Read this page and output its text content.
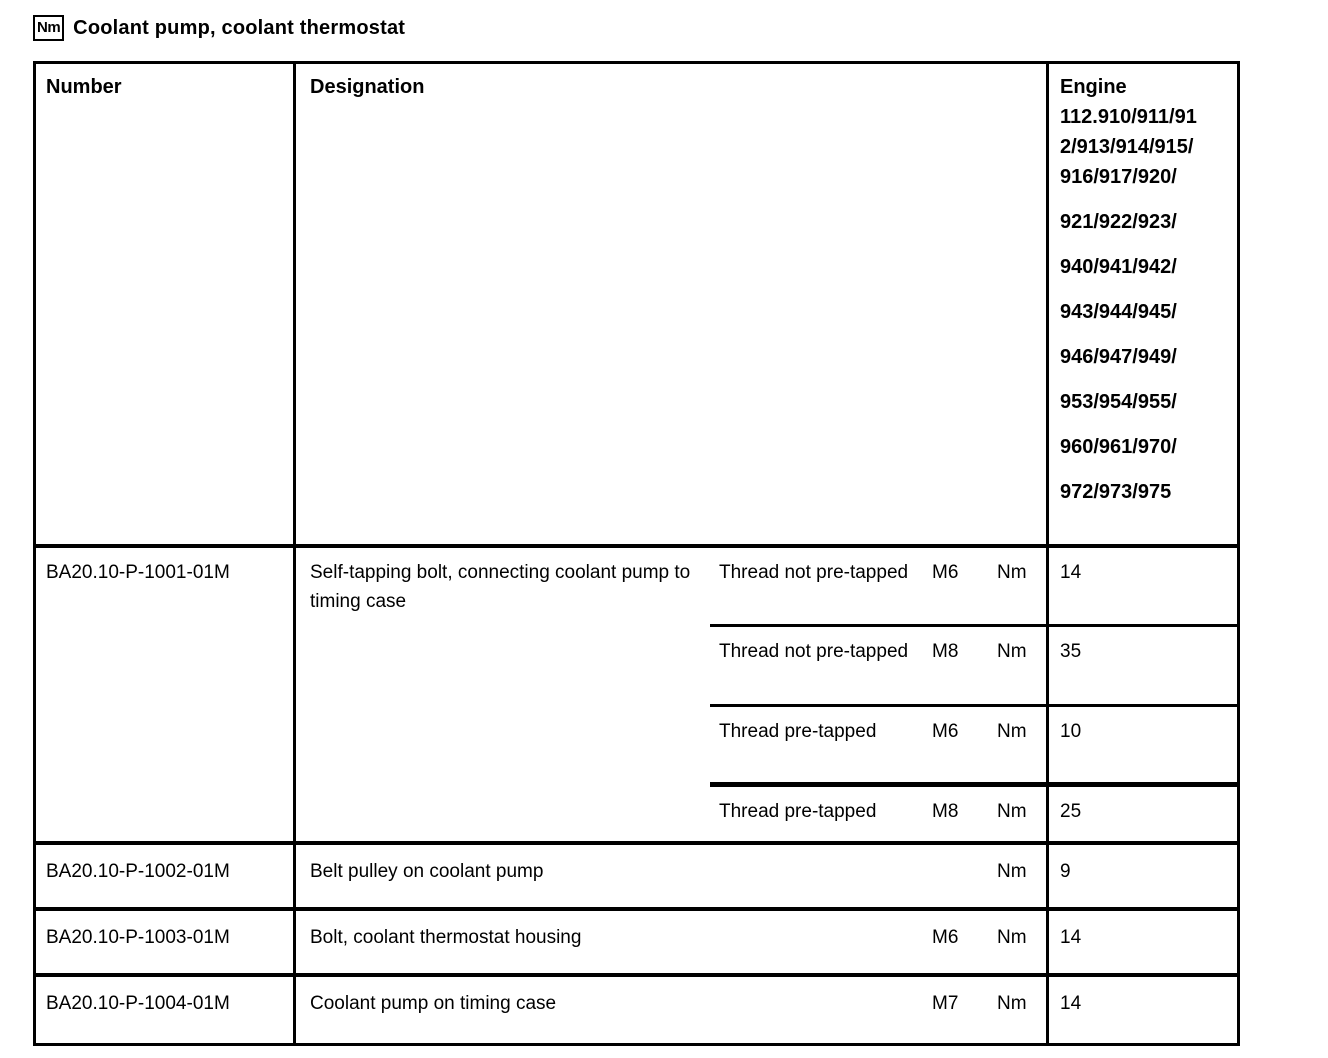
Nm Coolant pump, coolant thermostat
Number	Designation	Engine
112.910/911/91
2/913/914/915/
916/917/920/
921/922/923/
940/941/942/
943/944/945/
946/947/949/
953/954/955/
960/961/970/
972/973/975
BA20.10-P-1001-01M	Self-tapping bolt, connecting coolant pump to timing case
Thread not pre-tapped	M6	Nm	14
Thread not pre-tapped	M8	Nm	35
Thread pre-tapped	M6	Nm	10
Thread pre-tapped	M8	Nm	25
BA20.10-P-1002-01M	Belt pulley on coolant pump	Nm	9
BA20.10-P-1003-01M	Bolt, coolant thermostat housing	M6	Nm	14
BA20.10-P-1004-01M	Coolant pump on timing case	M7	Nm	14
